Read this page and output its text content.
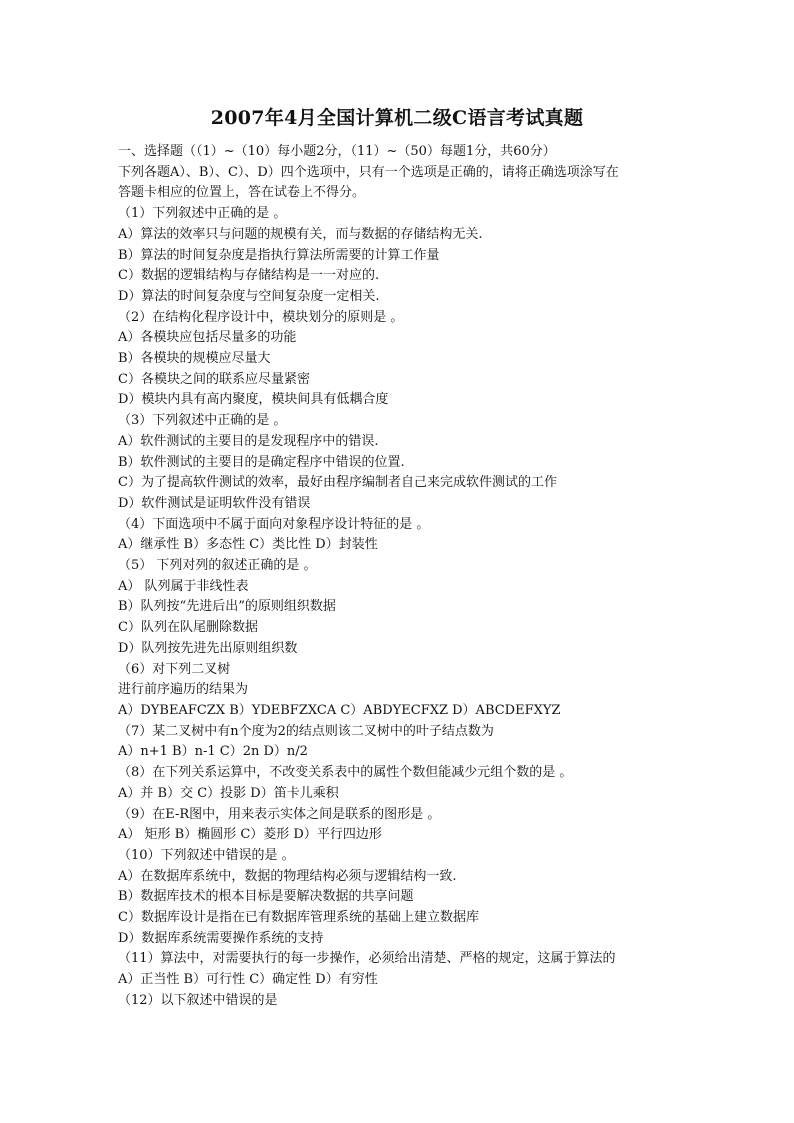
2007年4月全国计算机二级C语言考试真题
一、选择题（（1）~（10）每小题2分，（11）~（50）每题1分，共60分）
下列各题A）、B）、C）、D）四个选项中，只有一个选项是正确的，请将正确选项涂写在
答题卡相应的位置上，答在试卷上不得分。
（1）下列叙述中正确的是 。
A）算法的效率只与问题的规模有关，而与数据的存储结构无关.
B）算法的时间复杂度是指执行算法所需要的计算工作量
C）数据的逻辑结构与存储结构是一一对应的.
D）算法的时间复杂度与空间复杂度一定相关.
（2）在结构化程序设计中，模块划分的原则是 。
A）各模块应包括尽量多的功能
B）各模块的规模应尽量大
C）各模块之间的联系应尽量紧密
D）模块内具有高内聚度，模块间具有低耦合度
（3）下列叙述中正确的是 。
A）软件测试的主要目的是发现程序中的错误.
B）软件测试的主要目的是确定程序中错误的位置.
C）为了提高软件测试的效率，最好由程序编制者自己来完成软件测试的工作
D）软件测试是证明软件没有错误
（4）下面选项中不属于面向对象程序设计特征的是 。
A）继承性 B）多态性 C）类比性 D）封装性
（5） 下列对列的叙述正确的是 。
A） 队列属于非线性表
B）队列按“先进后出”的原则组织数据
C）队列在队尾删除数据
D）队列按先进先出原则组织数
（6）对下列二叉树
进行前序遍历的结果为
A）DYBEAFCZX B）YDEBFZXCA C）ABDYECFXZ D）ABCDEFXYZ
（7）某二叉树中有n个度为2的结点则该二叉树中的叶子结点数为
A）n+1 B）n-1 C）2n D）n/2
（8）在下列关系运算中，不改变关系表中的属性个数但能减少元组个数的是 。
A）并 B）交 C）投影 D）笛卡儿乘积
（9）在E-R图中，用来表示实体之间是联系的图形是 。
A） 矩形 B）椭圆形 C）菱形 D）平行四边形
（10）下列叙述中错误的是 。
A）在数据库系统中，数据的物理结构必须与逻辑结构一致.
B）数据库技术的根本目标是要解决数据的共享问题
C）数据库设计是指在已有数据库管理系统的基础上建立数据库
D）数据库系统需要操作系统的支持
（11）算法中，对需要执行的每一步操作，必须给出清楚、严格的规定，这属于算法的
A）正当性 B）可行性 C）确定性 D）有穷性
（12）以下叙述中错误的是
